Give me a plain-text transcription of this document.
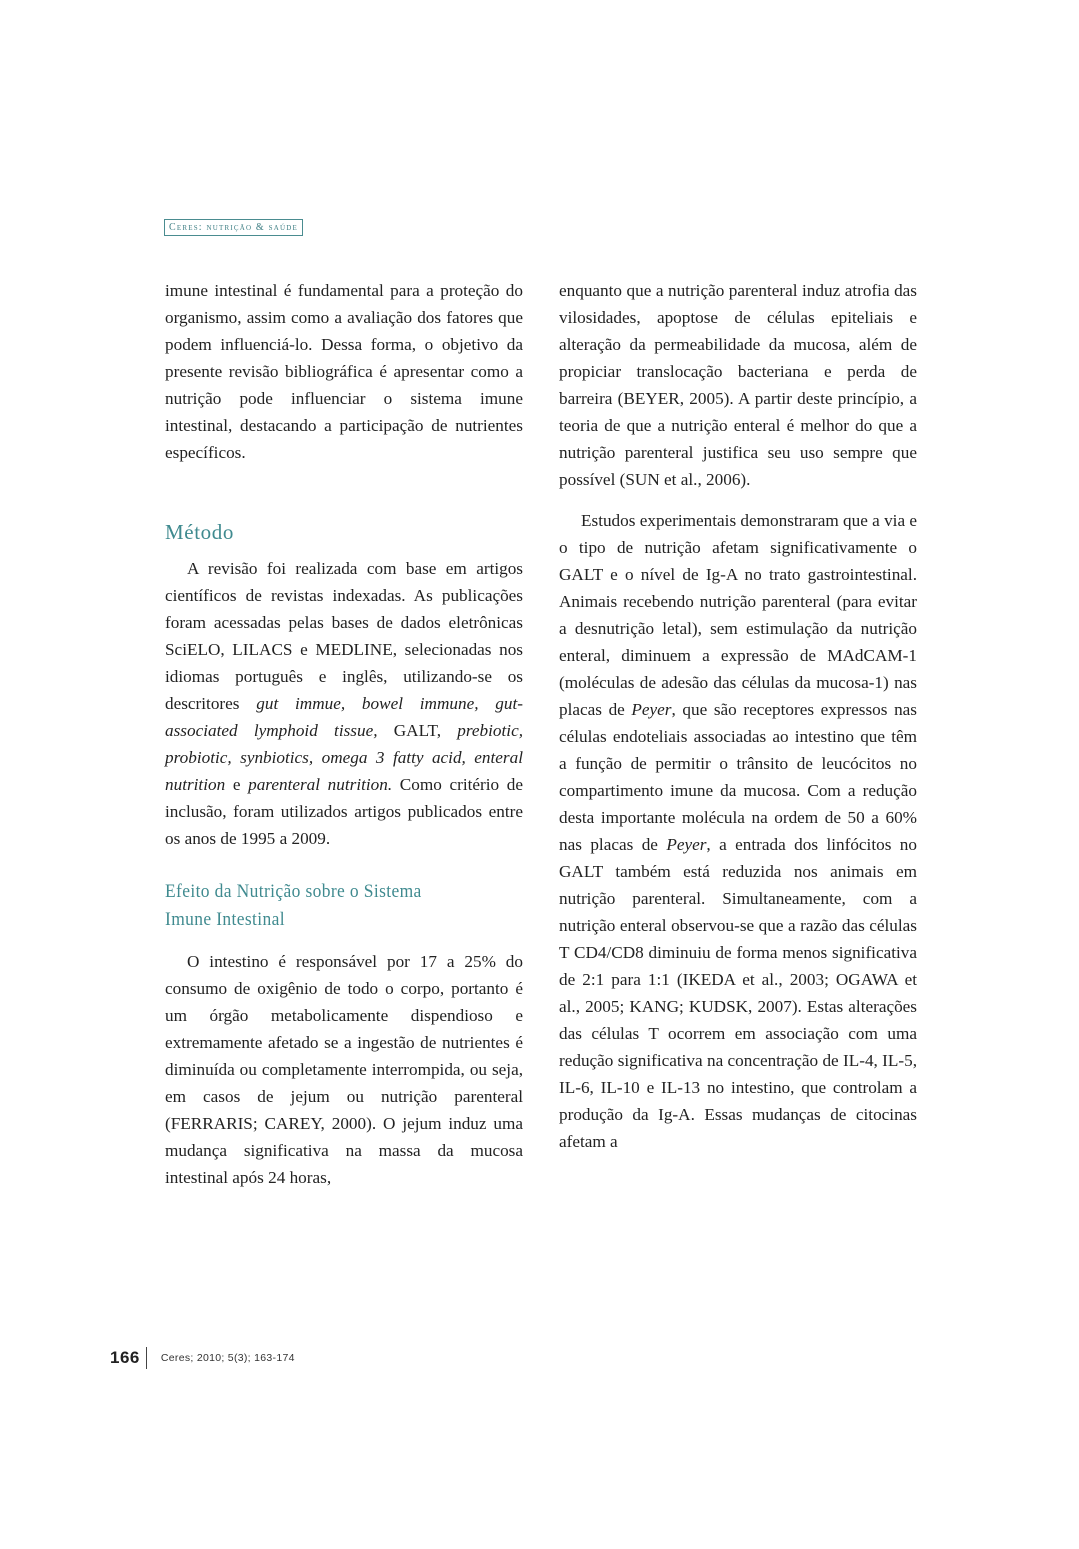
Ceres: nutrição & saúde

imune intestinal é fundamental para a proteção do organismo, assim como a avaliação dos fatores que podem influenciá-lo. Dessa forma, o objetivo da presente revisão bibliográfica é apresentar como a nutrição pode influenciar o sistema imune intestinal, destacando a participação de nutrientes específicos.

Método

A revisão foi realizada com base em artigos científicos de revistas indexadas. As publicações foram acessadas pelas bases de dados eletrônicas SciELO, LILACS e MEDLINE, selecionadas nos idiomas português e inglês, utilizando-se os descritores gut immue, bowel immune, gut-associated lymphoid tissue, GALT, prebiotic, probiotic, synbiotics, omega 3 fatty acid, enteral nutrition e parenteral nutrition. Como critério de inclusão, foram utilizados artigos publicados entre os anos de 1995 a 2009.

Efeito da Nutrição sobre o Sistema
Imune Intestinal

O intestino é responsável por 17 a 25% do consumo de oxigênio de todo o corpo, portanto é um órgão metabolicamente dispendioso e extremamente afetado se a ingestão de nutrientes é diminuída ou completamente interrompida, ou seja, em casos de jejum ou nutrição parenteral (FERRARIS; CAREY, 2000). O jejum induz uma mudança significativa na massa da mucosa intestinal após 24 horas,

enquanto que a nutrição parenteral induz atrofia das vilosidades, apoptose de células epiteliais e alteração da permeabilidade da mucosa, além de propiciar translocação bacteriana e perda de barreira (BEYER, 2005). A partir deste princípio, a teoria de que a nutrição enteral é melhor do que a nutrição parenteral justifica seu uso sempre que possível (SUN et al., 2006).

Estudos experimentais demonstraram que a via e o tipo de nutrição afetam significativamente o GALT e o nível de Ig-A no trato gastrointestinal. Animais recebendo nutrição parenteral (para evitar a desnutrição letal), sem estimulação da nutrição enteral, diminuem a expressão de MAdCAM-1 (moléculas de adesão das células da mucosa-1) nas placas de Peyer, que são receptores expressos nas células endoteliais associadas ao intestino que têm a função de permitir o trânsito de leucócitos no compartimento imune da mucosa. Com a redução desta importante molécula na ordem de 50 a 60% nas placas de Peyer, a entrada dos linfócitos no GALT também está reduzida nos animais em nutrição parenteral. Simultaneamente, com a nutrição enteral observou-se que a razão das células T CD4/CD8 diminuiu de forma menos significativa de 2:1 para 1:1 (IKEDA et al., 2003; OGAWA et al., 2005; KANG; KUDSK, 2007). Estas alterações das células T ocorrem em associação com uma redução significativa na concentração de IL-4, IL-5, IL-6, IL-10 e IL-13 no intestino, que controlam a produção da Ig-A. Essas mudanças de citocinas afetam a

166 Ceres; 2010; 5(3); 163-174
